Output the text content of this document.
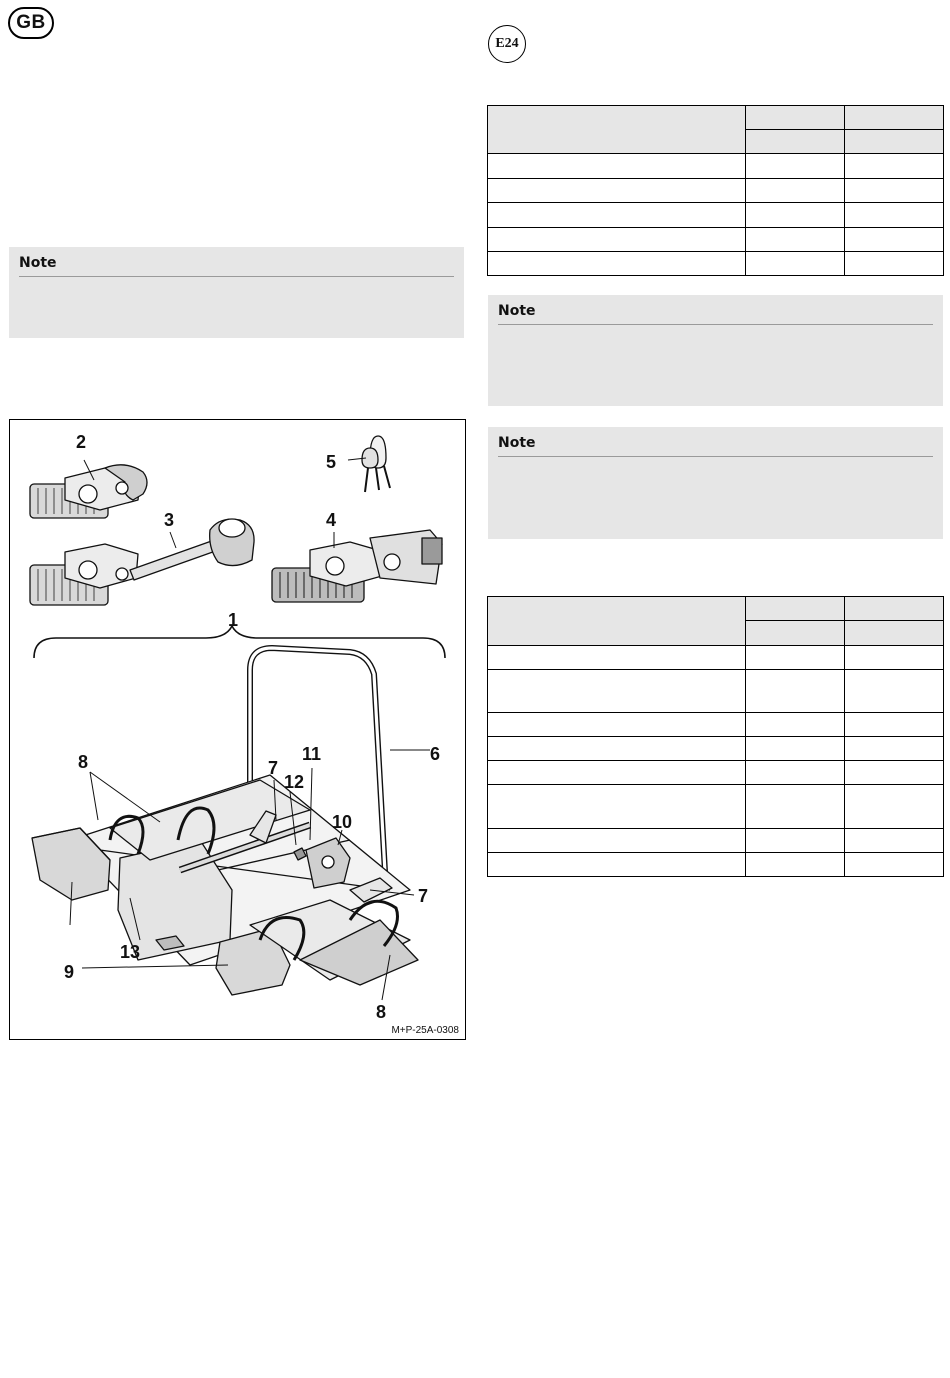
GB
E24
Note
Note
Note

1
2
3	4
5
6
7
7
8
8
9
10
11
12
13
M+P-25A-0308
